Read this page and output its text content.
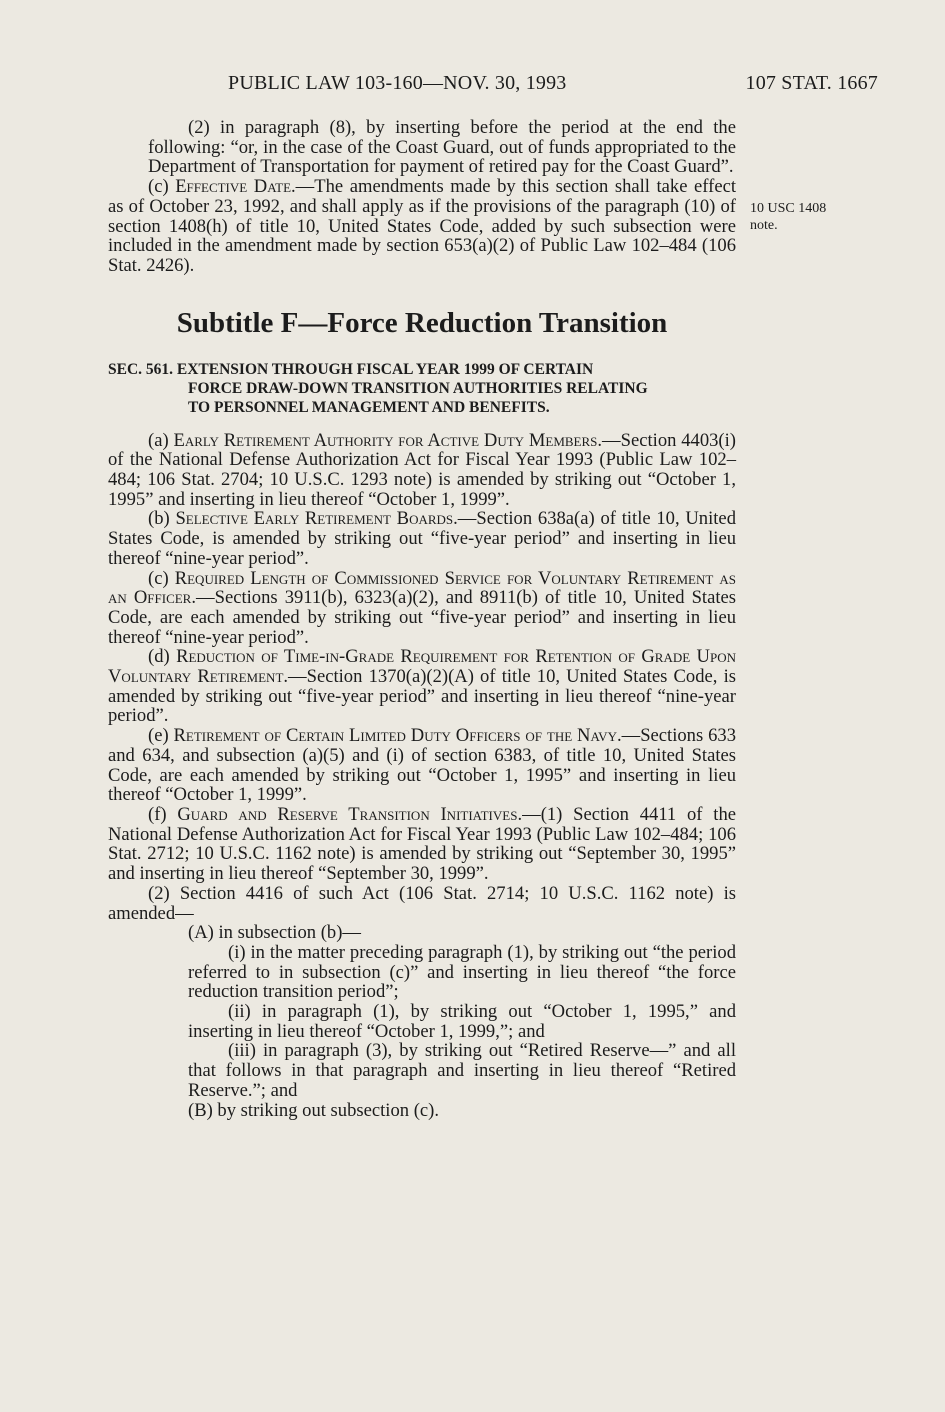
PUBLIC LAW 103-160—NOV. 30, 1993	107 STAT. 1667
10 USC 1408
note.

(2) in paragraph (8), by inserting before the period at the end the following: “or, in the case of the Coast Guard, out of funds appropriated to the Department of Transportation for payment of retired pay for the Coast Guard”.

(c) Effective Date.—The amendments made by this section shall take effect as of October 23, 1992, and shall apply as if the provisions of the paragraph (10) of section 1408(h) of title 10, United States Code, added by such subsection were included in the amendment made by section 653(a)(2) of Public Law 102–484 (106 Stat. 2426).

Subtitle F—Force Reduction Transition
SEC. 561. EXTENSION THROUGH FISCAL YEAR 1999 OF CERTAIN
FORCE DRAW-DOWN TRANSITION AUTHORITIES RELATING
TO PERSONNEL MANAGEMENT AND BENEFITS.

(a) Early Retirement Authority for Active Duty Members.—Section 4403(i) of the National Defense Authorization Act for Fiscal Year 1993 (Public Law 102–484; 106 Stat. 2704; 10 U.S.C. 1293 note) is amended by striking out “October 1, 1995” and inserting in lieu thereof “October 1, 1999”.

(b) Selective Early Retirement Boards.—Section 638a(a) of title 10, United States Code, is amended by striking out “five-year period” and inserting in lieu thereof “nine-year period”.

(c) Required Length of Commissioned Service for Voluntary Retirement as an Officer.—Sections 3911(b), 6323(a)(2), and 8911(b) of title 10, United States Code, are each amended by striking out “five-year period” and inserting in lieu thereof “nine-year period”.

(d) Reduction of Time-in-Grade Requirement for Retention of Grade Upon Voluntary Retirement.—Section 1370(a)(2)(A) of title 10, United States Code, is amended by striking out “five-year period” and inserting in lieu thereof “nine-year period”.

(e) Retirement of Certain Limited Duty Officers of the Navy.—Sections 633 and 634, and subsection (a)(5) and (i) of section 6383, of title 10, United States Code, are each amended by striking out “October 1, 1995” and inserting in lieu thereof “October 1, 1999”.

(f) Guard and Reserve Transition Initiatives.—(1) Section 4411 of the National Defense Authorization Act for Fiscal Year 1993 (Public Law 102–484; 106 Stat. 2712; 10 U.S.C. 1162 note) is amended by striking out “September 30, 1995” and inserting in lieu thereof “September 30, 1999”.

(2) Section 4416 of such Act (106 Stat. 2714; 10 U.S.C. 1162 note) is amended—

(A) in subsection (b)—

(i) in the matter preceding paragraph (1), by striking out “the period referred to in subsection (c)” and inserting in lieu thereof “the force reduction transition period”;

(ii) in paragraph (1), by striking out “October 1, 1995,” and inserting in lieu thereof “October 1, 1999,”; and

(iii) in paragraph (3), by striking out “Retired Reserve—” and all that follows in that paragraph and inserting in lieu thereof “Retired Reserve.”; and

(B) by striking out subsection (c).
